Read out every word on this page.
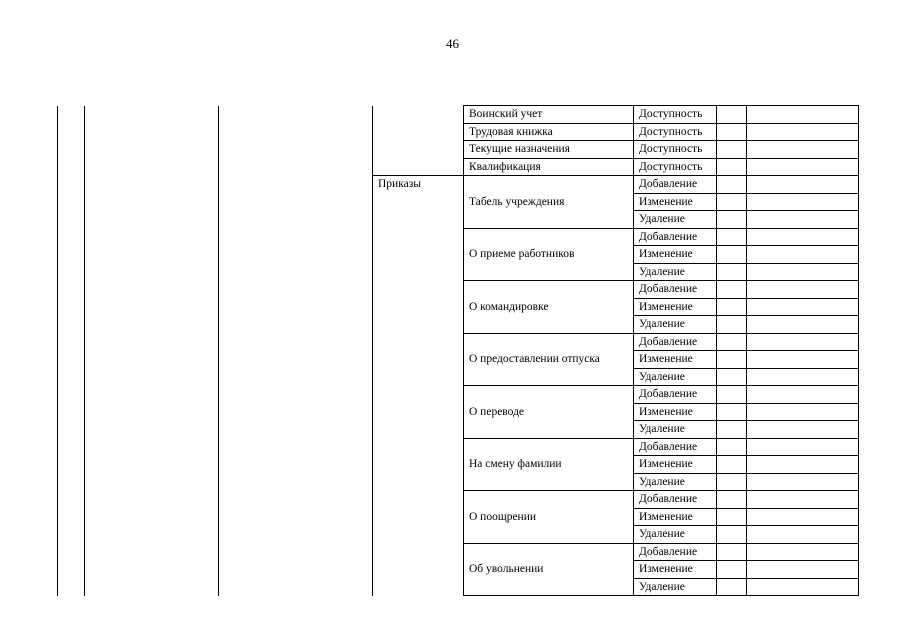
46
				Воинский учет	Доступность		
				Трудовая книжка	Доступность		
				Текущие назначения	Доступность		
				Квалификация	Доступность		
			Приказы	Табель учреждения	Добавление		
					Изменение		
					Удаление		
				О приеме работников	Добавление		
					Изменение		
					Удаление		
				О командировке	Добавление		
					Изменение		
					Удаление		
				О предоставлении отпуска	Добавление		
					Изменение		
					Удаление		
				О переводе	Добавление		
					Изменение		
					Удаление		
				На смену фамилии	Добавление		
					Изменение		
					Удаление		
				О поощрении	Добавление		
					Изменение		
					Удаление		
				Об увольнении	Добавление		
					Изменение		
					Удаление		
